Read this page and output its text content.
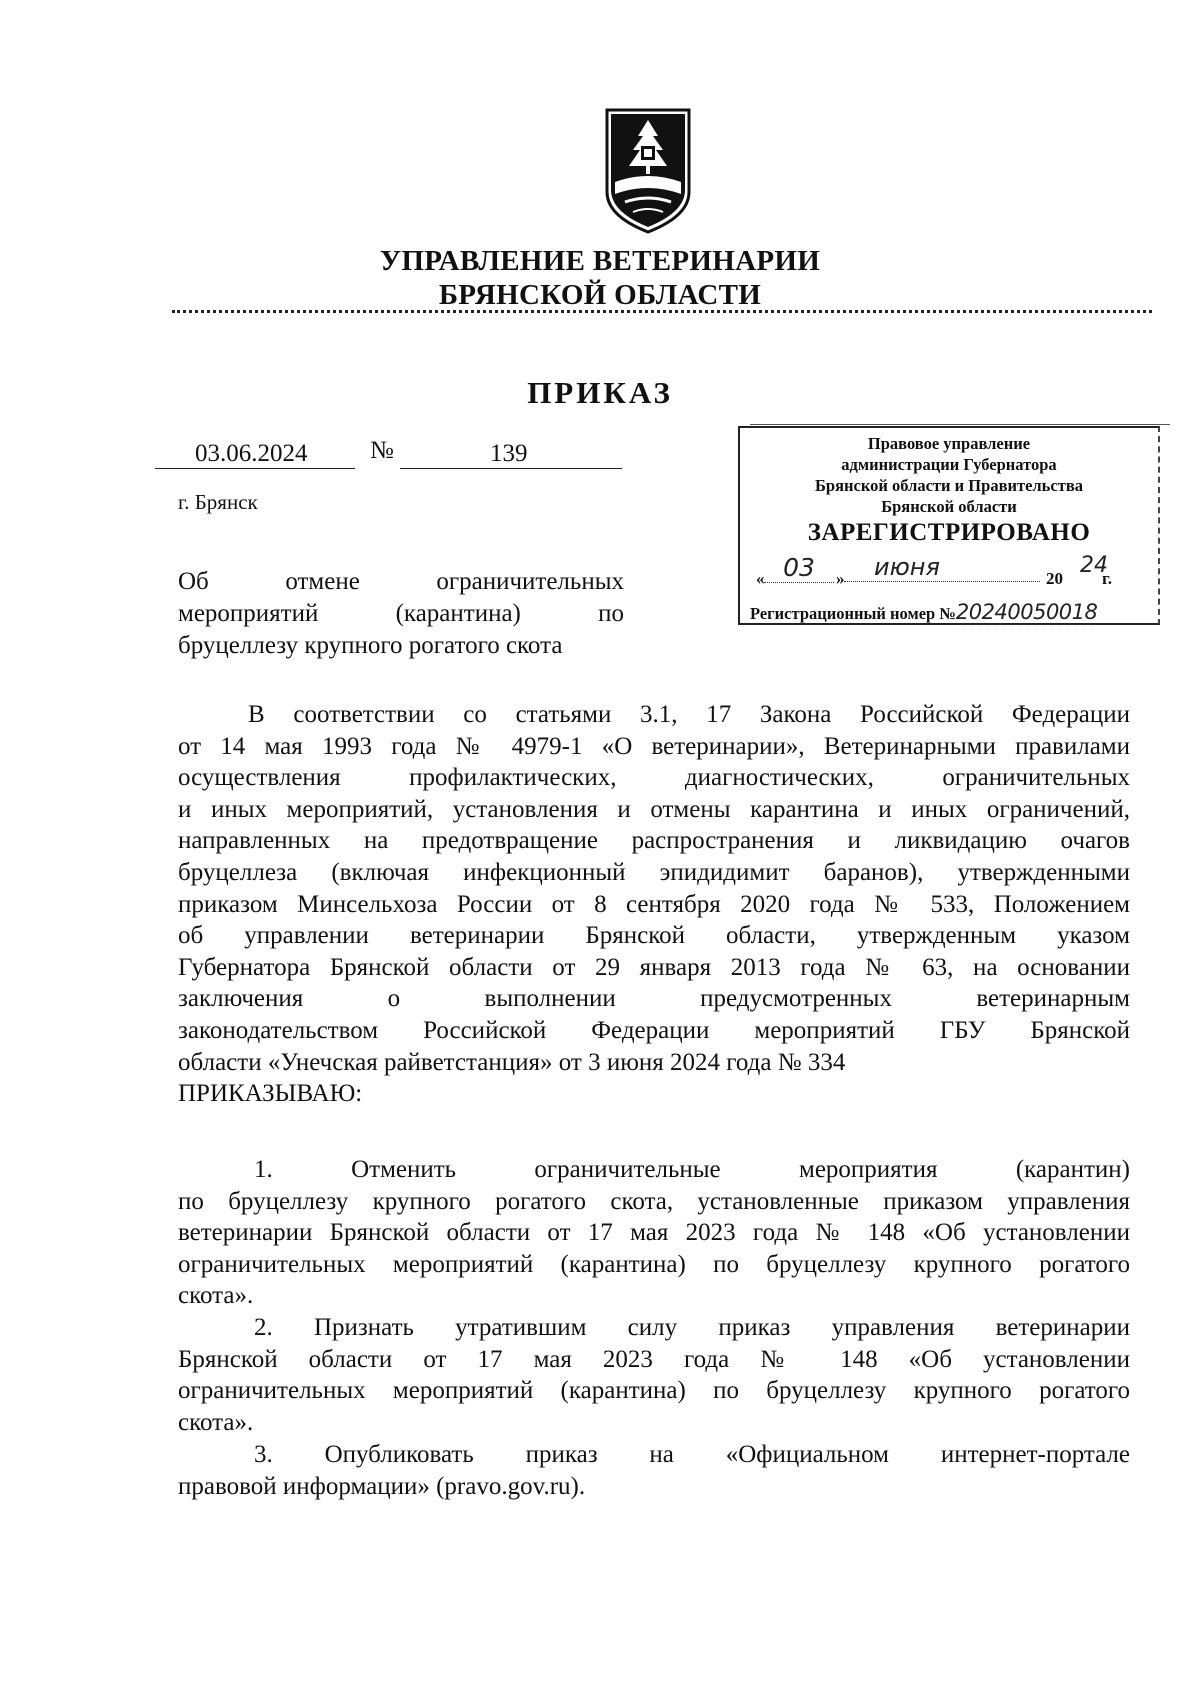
УПРАВЛЕНИЕ ВЕТЕРИНАРИИ
БРЯНСКОЙ ОБЛАСТИ
ПРИКАЗ
03.06.2024	№	139
г. Брянск
Об отмене ограничительных
мероприятий (карантина) по
бруцеллезу крупного рогатого скота
Правовое управление
администрации Губернатора
Брянской области и Правительства
Брянской области
ЗАРЕГИСТРИРОВАНО
« 03	»	июня	20
24
г.
Регистрационный номер №20240050018
В соответствии со статьями 3.1, 17 Закона Российской Федерации
от 14 мая 1993 года № 4979-1 «О ветеринарии», Ветеринарными правилами
осуществления профилактических, диагностических, ограничительных
и иных мероприятий, установления и отмены карантина и иных ограничений,
направленных на предотвращение распространения и ликвидацию очагов
бруцеллеза (включая инфекционный эпидидимит баранов), утвержденными
приказом Минсельхоза России от 8 сентября 2020 года № 533, Положением
об управлении ветеринарии Брянской области, утвержденным указом
Губернатора Брянской области от 29 января 2013 года № 63, на основании
заключения о выполнении предусмотренных ветеринарным
законодательством Российской Федерации мероприятий ГБУ Брянской
области «Унечская райветстанция» от 3 июня 2024 года № 334
ПРИКАЗЫВАЮ:
1. Отменить ограничительные мероприятия (карантин)
по бруцеллезу крупного рогатого скота, установленные приказом управления
ветеринарии Брянской области от 17 мая 2023 года № 148 «Об установлении
ограничительных мероприятий (карантина) по бруцеллезу крупного рогатого
скота».
2. Признать утратившим силу приказ управления ветеринарии
Брянской области от 17 мая 2023 года № 148 «Об установлении
ограничительных мероприятий (карантина) по бруцеллезу крупного рогатого
скота».
3. Опубликовать приказ на «Официальном интернет-портале
правовой информации» (pravo.gov.ru).
